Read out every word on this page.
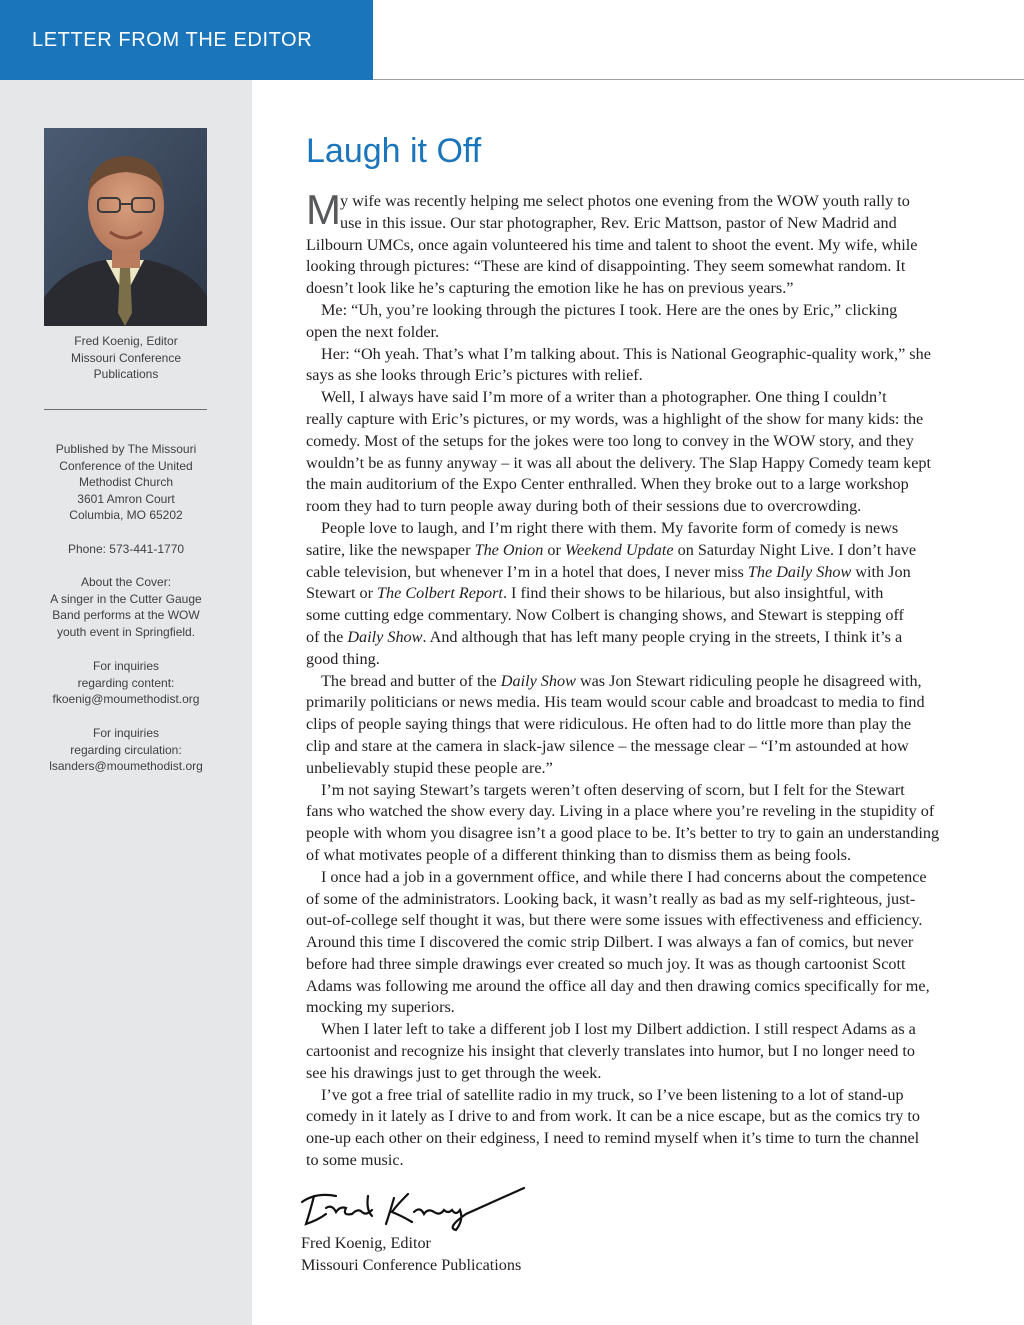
LETTER FROM THE EDITOR
Fred Koenig, Editor
Missouri Conference
Publications
Published by The Missouri
Conference of the United
Methodist Church
3601 Amron Court
Columbia, MO 65202
Phone: 573-441-1770
About the Cover:
A singer in the Cutter Gauge
Band performs at the WOW
youth event in Springfield.
For inquiries
regarding content:
fkoenig@moumethodist.org
For inquiries
regarding circulation:
lsanders@moumethodist.org
Laugh it Off
M y wife was recently helping me select photos one evening from the WOW youth rally to
use in this issue. Our star photographer, Rev. Eric Mattson, pastor of New Madrid and
Lilbourn UMCs, once again volunteered his time and talent to shoot the event. My wife, while
looking through pictures: “These are kind of disappointing. They seem somewhat random. It
doesn’t look like he’s capturing the emotion like he has on previous years.”
Me: “Uh, you’re looking through the pictures I took. Here are the ones by Eric,” clicking
open the next folder.
Her: “Oh yeah. That’s what I’m talking about. This is National Geographic-quality work,” she
says as she looks through Eric’s pictures with relief.
Well, I always have said I’m more of a writer than a photographer. One thing I couldn’t
really capture with Eric’s pictures, or my words, was a highlight of the show for many kids: the
comedy. Most of the setups for the jokes were too long to convey in the WOW story, and they
wouldn’t be as funny anyway – it was all about the delivery. The Slap Happy Comedy team kept
the main auditorium of the Expo Center enthralled. When they broke out to a large workshop
room they had to turn people away during both of their sessions due to overcrowding.
People love to laugh, and I’m right there with them. My favorite form of comedy is news
satire, like the newspaper The Onion or Weekend Update on Saturday Night Live. I don’t have
cable television, but whenever I’m in a hotel that does, I never miss The Daily Show with Jon
Stewart or The Colbert Report. I find their shows to be hilarious, but also insightful, with
some cutting edge commentary. Now Colbert is changing shows, and Stewart is stepping off
of the Daily Show. And although that has left many people crying in the streets, I think it’s a
good thing.
The bread and butter of the Daily Show was Jon Stewart ridiculing people he disagreed with,
primarily politicians or news media. His team would scour cable and broadcast to media to find
clips of people saying things that were ridiculous. He often had to do little more than play the
clip and stare at the camera in slack-jaw silence – the message clear – “I’m astounded at how
unbelievably stupid these people are.”
I’m not saying Stewart’s targets weren’t often deserving of scorn, but I felt for the Stewart
fans who watched the show every day. Living in a place where you’re reveling in the stupidity of
people with whom you disagree isn’t a good place to be. It’s better to try to gain an understanding
of what motivates people of a different thinking than to dismiss them as being fools.
I once had a job in a government office, and while there I had concerns about the competence
of some of the administrators. Looking back, it wasn’t really as bad as my self-righteous, just-
out-of-college self thought it was, but there were some issues with effectiveness and efficiency.
Around this time I discovered the comic strip Dilbert. I was always a fan of comics, but never
before had three simple drawings ever created so much joy. It was as though cartoonist Scott
Adams was following me around the office all day and then drawing comics specifically for me,
mocking my superiors.
When I later left to take a different job I lost my Dilbert addiction. I still respect Adams as a
cartoonist and recognize his insight that cleverly translates into humor, but I no longer need to
see his drawings just to get through the week.
I’ve got a free trial of satellite radio in my truck, so I’ve been listening to a lot of stand-up
comedy in it lately as I drive to and from work. It can be a nice escape, but as the comics try to
one-up each other on their edginess, I need to remind myself when it’s time to turn the channel
to some music.
Fred Koenig, Editor
Missouri Conference Publications
